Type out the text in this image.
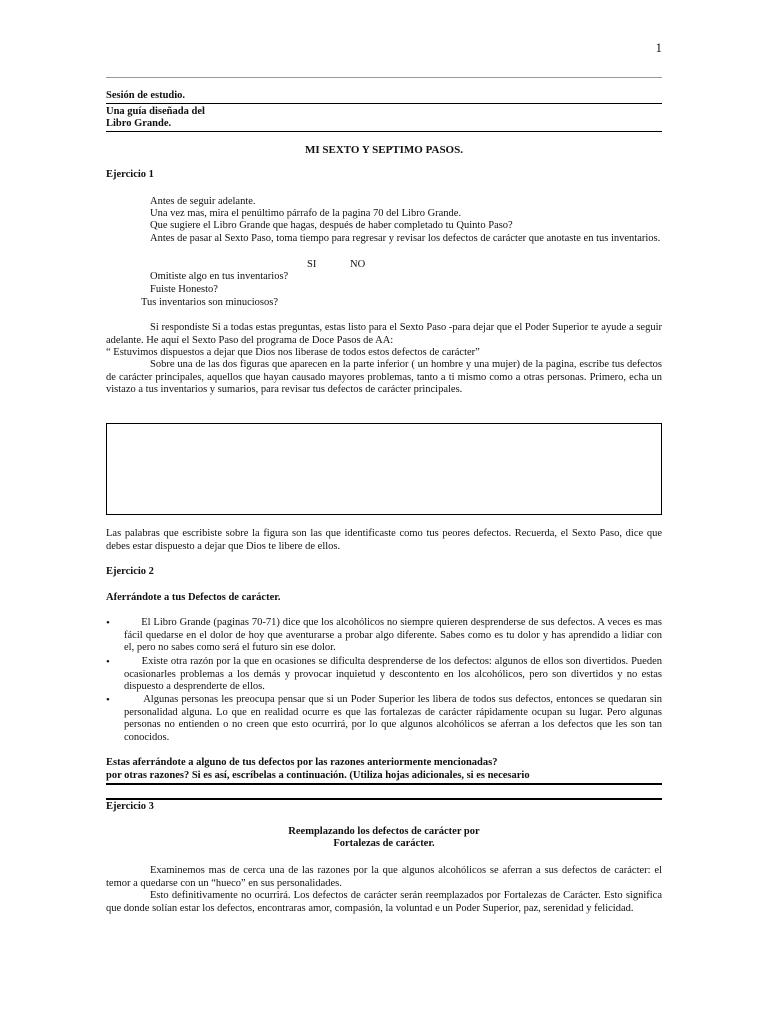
1
Sesión de estudio.
Una guía diseñada del
Libro Grande.
MI SEXTO Y SEPTIMO PASOS.
Ejercicio 1
Antes de seguir adelante.
Una vez mas, mira el penúltimo párrafo de la pagina 70 del Libro Grande.
Que sugiere el Libro Grande que hagas, después de haber completado tu Quinto Paso?
Antes de pasar al Sexto Paso, toma tiempo para regresar y revisar los defectos de carácter que anotaste en tus inventarios.
SI	NO
Omitiste algo en tus inventarios?
Fuiste Honesto?
Tus inventarios son minuciosos?
Si respondiste Si a todas estas preguntas, estas listo para el Sexto Paso -para dejar que el Poder Superior te ayude a seguir adelante. He aquí el Sexto Paso del programa de Doce Pasos de AA:
“ Estuvimos dispuestos a dejar que Dios nos liberase de todos estos defectos de carácter”
Sobre una de las dos figuras que aparecen en la parte inferior ( un hombre y una mujer) de la pagina, escribe tus defectos de carácter principales, aquellos que hayan causado mayores problemas, tanto a ti mismo como a otras personas. Primero, echa un vistazo a tus inventarios y sumarios, para revisar tus defectos de carácter principales.
Las palabras que escribiste sobre la figura son las que identificaste como tus peores defectos. Recuerda, el Sexto Paso, dice que debes estar dispuesto a dejar que Dios te libere de ellos.
Ejercicio 2
Aferrándote a tus Defectos de carácter.
•	El Libro Grande (paginas 70-71) dice que los alcohólicos no siempre quieren desprenderse de sus defectos. A veces es mas fácil quedarse en el dolor de hoy que aventurarse a probar algo diferente. Sabes como es tu dolor y has aprendido a lidiar con el, pero no sabes como será el futuro sin ese dolor.
•	Existe otra razón por la que en ocasiones se dificulta desprenderse de los defectos: algunos de ellos son divertidos. Pueden ocasionarles problemas a los demás y provocar inquietud y descontento en los alcohólicos, pero son divertidos y no estas dispuesto a desprenderte de ellos.
•	Algunas personas les preocupa pensar que si un Poder Superior les libera de todos sus defectos, entonces se quedaran sin personalidad alguna. Lo que en realidad ocurre es que las fortalezas de carácter rápidamente ocupan su lugar. Pero algunas personas no entienden o no creen que esto ocurrirá, por lo que algunos alcohólicos se aferran a los defectos que les son tan conocidos.
Estas aferrándote a alguno de tus defectos por las razones anteriormente mencionadas?
por otras razones? Si es así, escríbelas a continuación. (Utiliza hojas adicionales, si es necesario
Ejercicio 3
Reemplazando los defectos de carácter por
Fortalezas de carácter.
Examinemos mas de cerca una de las razones por la que algunos alcohólicos se aferran a sus defectos de carácter: el temor a quedarse con un “hueco” en sus personalidades.
Esto definitivamente no ocurrirá. Los defectos de carácter serán reemplazados por Fortalezas de Carácter. Esto significa que donde solían estar los defectos, encontraras amor, compasión, la voluntad e un Poder Superior, paz, serenidad y felicidad.
